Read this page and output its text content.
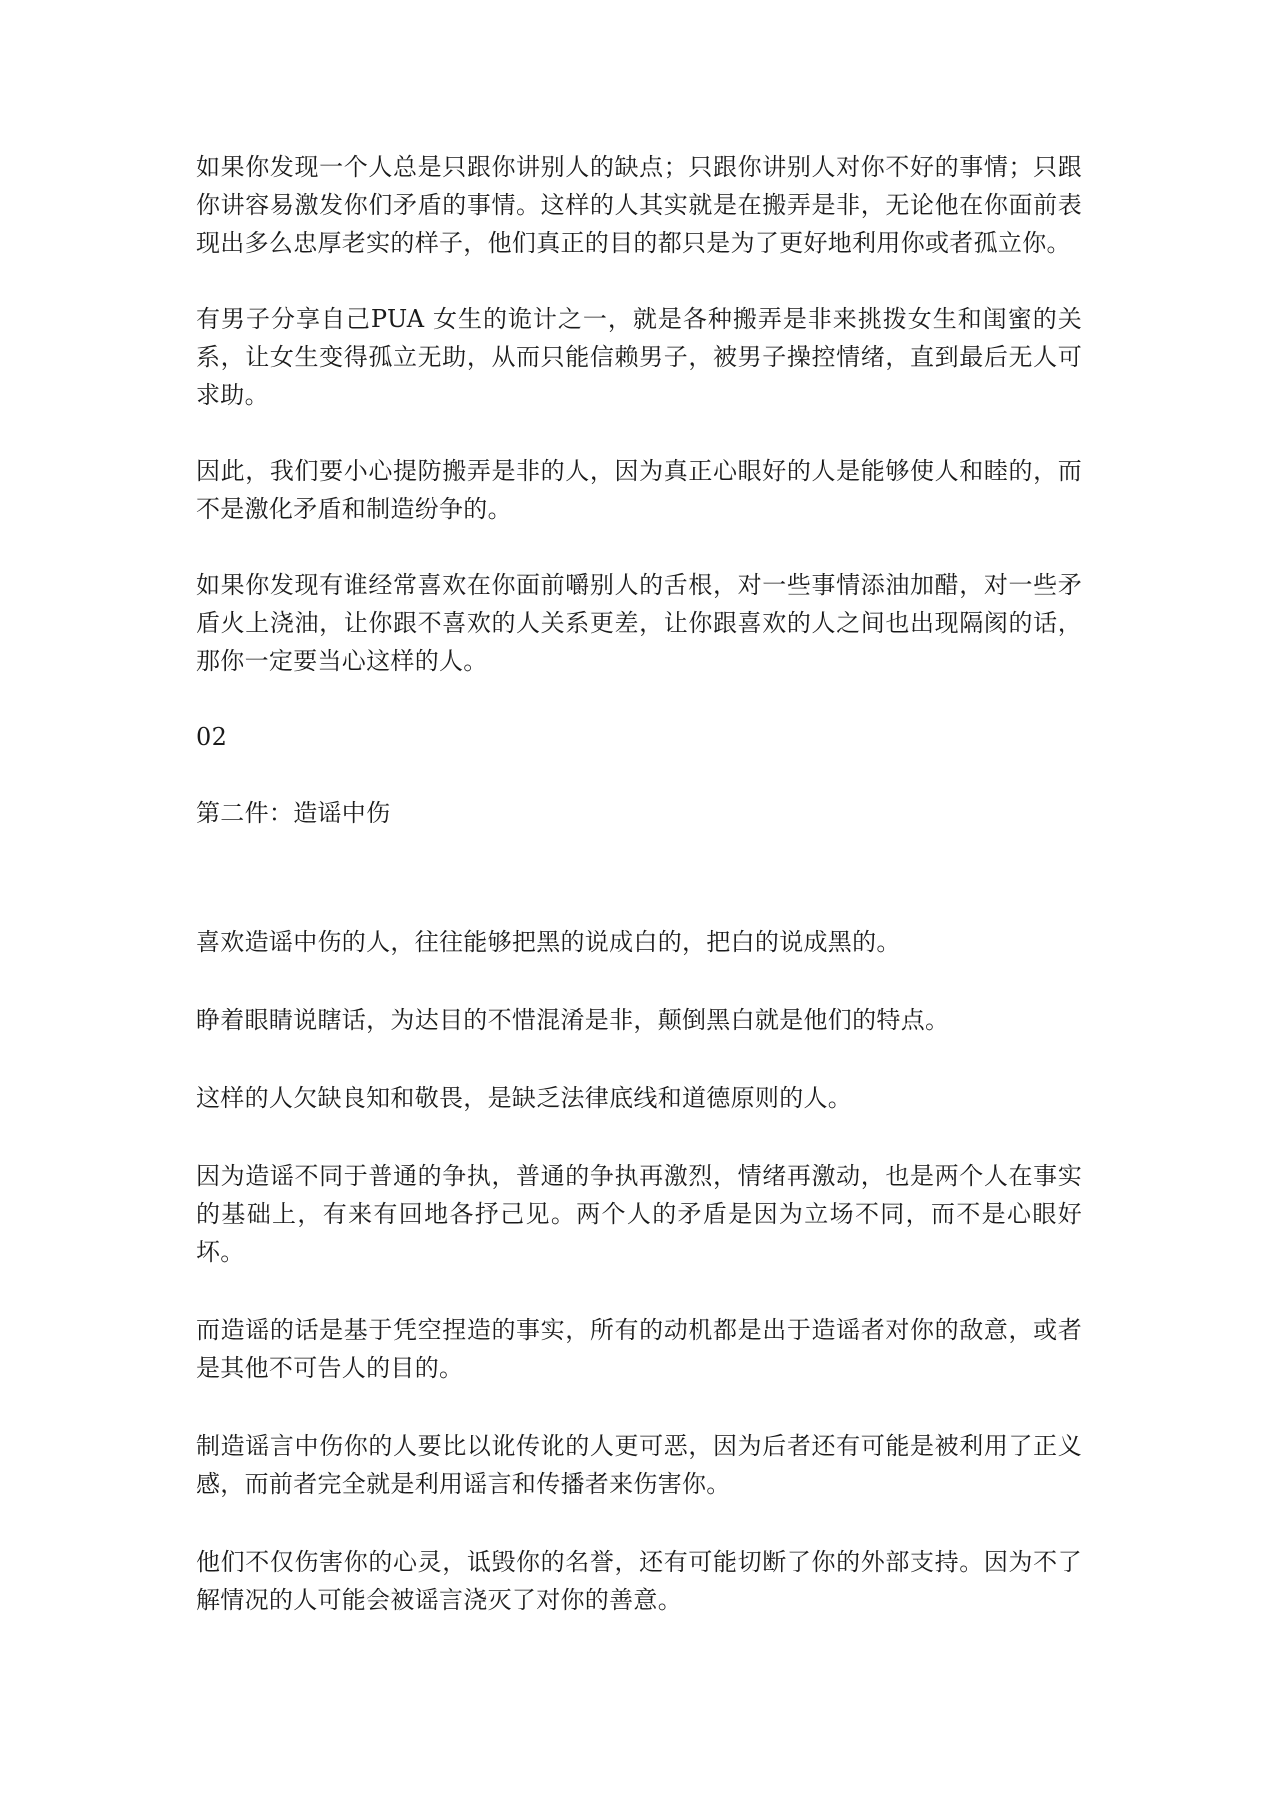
如果你发现一个人总是只跟你讲别人的缺点；只跟你讲别人对你不好的事情；只跟你讲容易激发你们矛盾的事情。这样的人其实就是在搬弄是非，无论他在你面前表现出多么忠厚老实的样子，他们真正的目的都只是为了更好地利用你或者孤立你。

有男子分享自己PUA 女生的诡计之一，就是各种搬弄是非来挑拨女生和闺蜜的关系，让女生变得孤立无助，从而只能信赖男子，被男子操控情绪，直到最后无人可求助。

因此，我们要小心提防搬弄是非的人，因为真正心眼好的人是能够使人和睦的，而不是激化矛盾和制造纷争的。

如果你发现有谁经常喜欢在你面前嚼别人的舌根，对一些事情添油加醋，对一些矛盾火上浇油，让你跟不喜欢的人关系更差，让你跟喜欢的人之间也出现隔阂的话，那你一定要当心这样的人。

02

第二件：造谣中伤

喜欢造谣中伤的人，往往能够把黑的说成白的，把白的说成黑的。

睁着眼睛说瞎话，为达目的不惜混淆是非，颠倒黑白就是他们的特点。

这样的人欠缺良知和敬畏，是缺乏法律底线和道德原则的人。

因为造谣不同于普通的争执，普通的争执再激烈，情绪再激动，也是两个人在事实的基础上，有来有回地各抒己见。两个人的矛盾是因为立场不同，而不是心眼好坏。

而造谣的话是基于凭空捏造的事实，所有的动机都是出于造谣者对你的敌意，或者是其他不可告人的目的。

制造谣言中伤你的人要比以讹传讹的人更可恶，因为后者还有可能是被利用了正义感，而前者完全就是利用谣言和传播者来伤害你。

他们不仅伤害你的心灵，诋毁你的名誉，还有可能切断了你的外部支持。因为不了解情况的人可能会被谣言浇灭了对你的善意。
